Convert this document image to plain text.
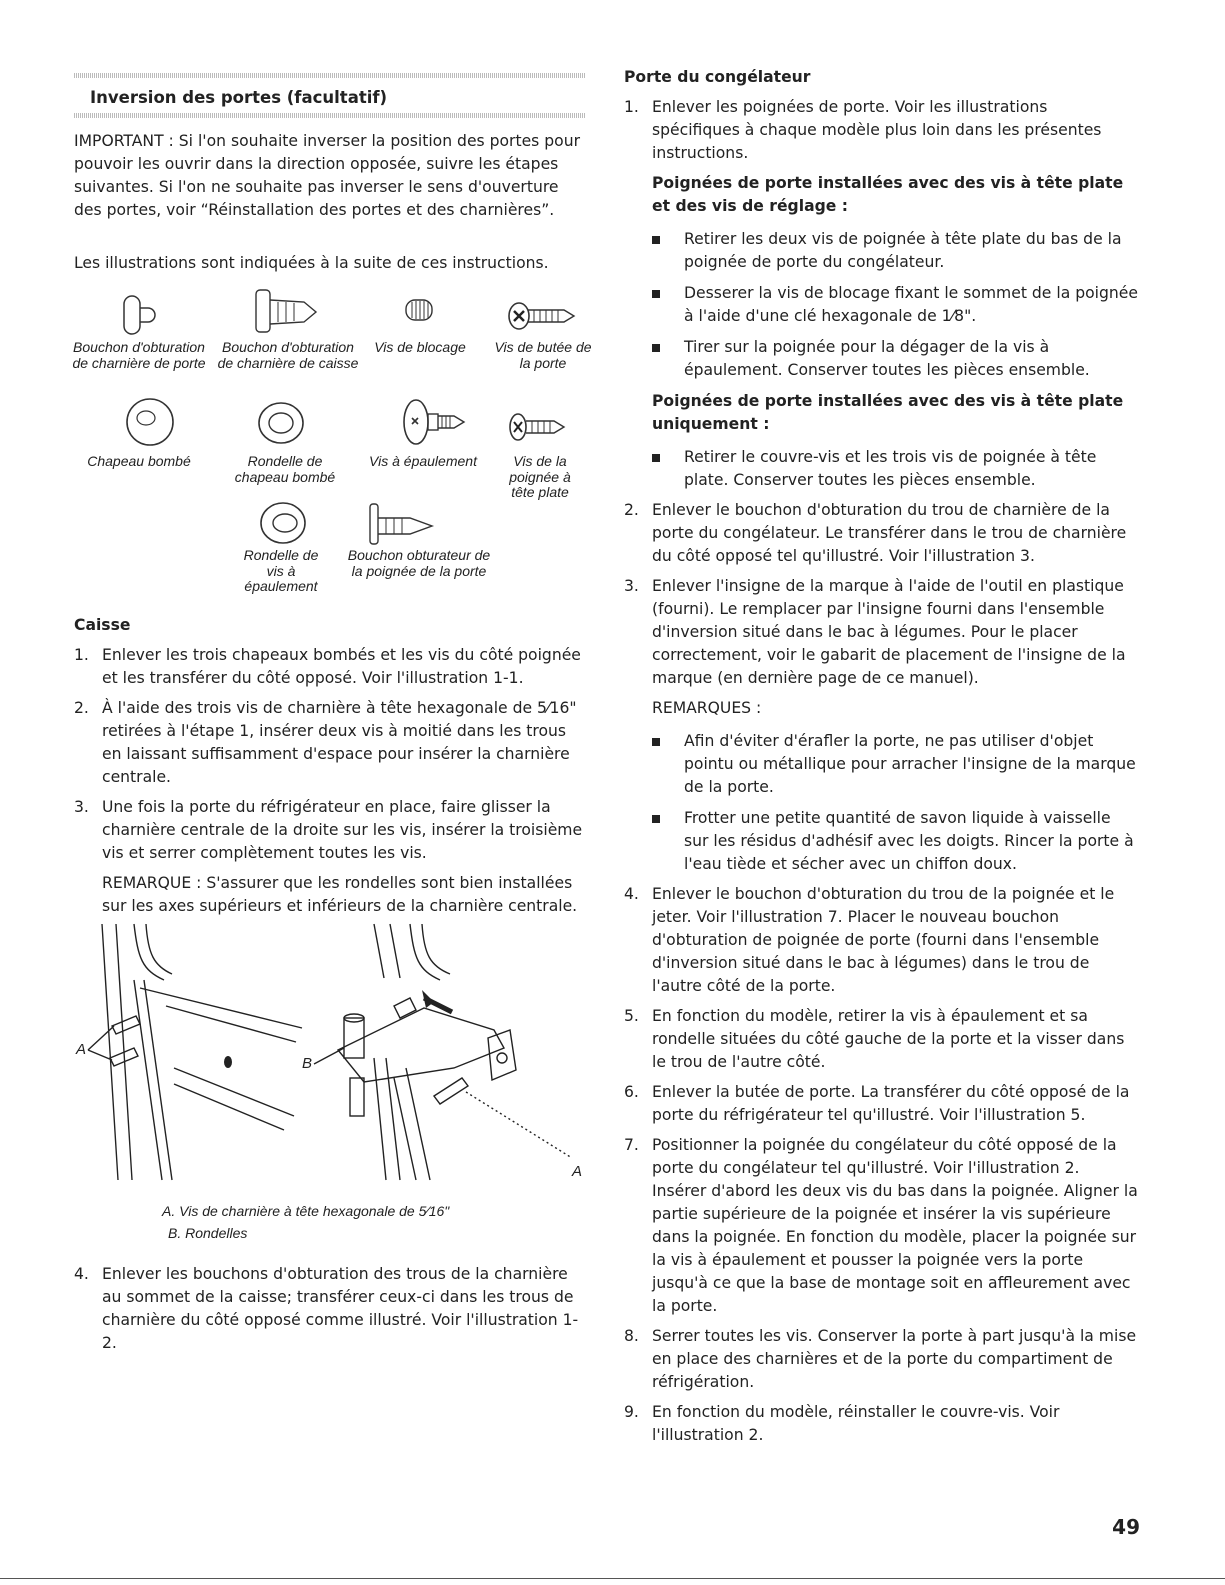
Inversion des portes (facultatif)

IMPORTANT : Si l'on souhaite inverser la position des portes pour pouvoir les ouvrir dans la direction opposée, suivre les étapes suivantes. Si l'on ne souhaite pas inverser le sens d'ouverture des portes, voir “Réinstallation des portes et des charnières”.

Les illustrations sont indiquées à la suite de ces instructions.

Bouchon d'obturation de charnière de porte
Bouchon d'obturation de charnière de caisse
Vis de blocage	Vis de butée de la porte
Chapeau bombé	Rondelle de chapeau bombé
Vis à épaulement	Vis de la poignée à tête plate
Rondelle de vis à épaulement
Bouchon obturateur de la poignée de la porte
Caisse
1. Enlever les trois chapeaux bombés et les vis du côté poignée et les transférer du côté opposé. Voir l'illustration 1-1.
2. À l'aide des trois vis de charnière à tête hexagonale de 5⁄16" retirées à l'étape 1, insérer deux vis à moitié dans les trous en laissant suffisamment d'espace pour insérer la charnière centrale.
3. Une fois la porte du réfrigérateur en place, faire glisser la charnière centrale de la droite sur les vis, insérer la troisième vis et serrer complètement toutes les vis.

REMARQUE : S'assurer que les rondelles sont bien installées sur les axes supérieurs et inférieurs de la charnière centrale.

A
B
A
A. Vis de charnière à tête hexagonale de 5⁄16"
B. Rondelles
4. Enlever les bouchons d'obturation des trous de la charnière au sommet de la caisse; transférer ceux-ci dans les trous de charnière du côté opposé comme illustré. Voir l'illustration 1-2.
Porte du congélateur
1. Enlever les poignées de porte. Voir les illustrations spécifiques à chaque modèle plus loin dans les présentes instructions.
Poignées de porte installées avec des vis à tête plate et des vis de réglage :
Retirer les deux vis de poignée à tête plate du bas de la poignée de porte du congélateur.
Desserer la vis de blocage fixant le sommet de la poignée à l'aide d'une clé hexagonale de 1⁄8".
Tirer sur la poignée pour la dégager de la vis à épaulement. Conserver toutes les pièces ensemble.
Poignées de porte installées avec des vis à tête plate uniquement :
Retirer le couvre-vis et les trois vis de poignée à tête plate. Conserver toutes les pièces ensemble.
2. Enlever le bouchon d'obturation du trou de charnière de la porte du congélateur. Le transférer dans le trou de charnière du côté opposé tel qu'illustré. Voir l'illustration 3.
3. Enlever l'insigne de la marque à l'aide de l'outil en plastique (fourni). Le remplacer par l'insigne fourni dans l'ensemble d'inversion situé dans le bac à légumes. Pour le placer correctement, voir le gabarit de placement de l'insigne de la marque (en dernière page de ce manuel).
REMARQUES :
Afin d'éviter d'érafler la porte, ne pas utiliser d'objet pointu ou métallique pour arracher l'insigne de la marque de la porte.
Frotter une petite quantité de savon liquide à vaisselle sur les résidus d'adhésif avec les doigts. Rincer la porte à l'eau tiède et sécher avec un chiffon doux.
4. Enlever le bouchon d'obturation du trou de la poignée et le jeter. Voir l'illustration 7. Placer le nouveau bouchon d'obturation de poignée de porte (fourni dans l'ensemble d'inversion situé dans le bac à légumes) dans le trou de l'autre côté de la porte.
5. En fonction du modèle, retirer la vis à épaulement et sa rondelle situées du côté gauche de la porte et la visser dans le trou de l'autre côté.
6. Enlever la butée de porte. La transférer du côté opposé de la porte du réfrigérateur tel qu'illustré. Voir l'illustration 5.
7. Positionner la poignée du congélateur du côté opposé de la porte du congélateur tel qu'illustré. Voir l'illustration 2. Insérer d'abord les deux vis du bas dans la poignée. Aligner la partie supérieure de la poignée et insérer la vis supérieure dans la poignée. En fonction du modèle, placer la poignée sur la vis à épaulement et pousser la poignée vers la porte jusqu'à ce que la base de montage soit en affleurement avec la porte.
8. Serrer toutes les vis. Conserver la porte à part jusqu'à la mise en place des charnières et de la porte du compartiment de réfrigération.
9. En fonction du modèle, réinstaller le couvre-vis. Voir l'illustration 2.
49
